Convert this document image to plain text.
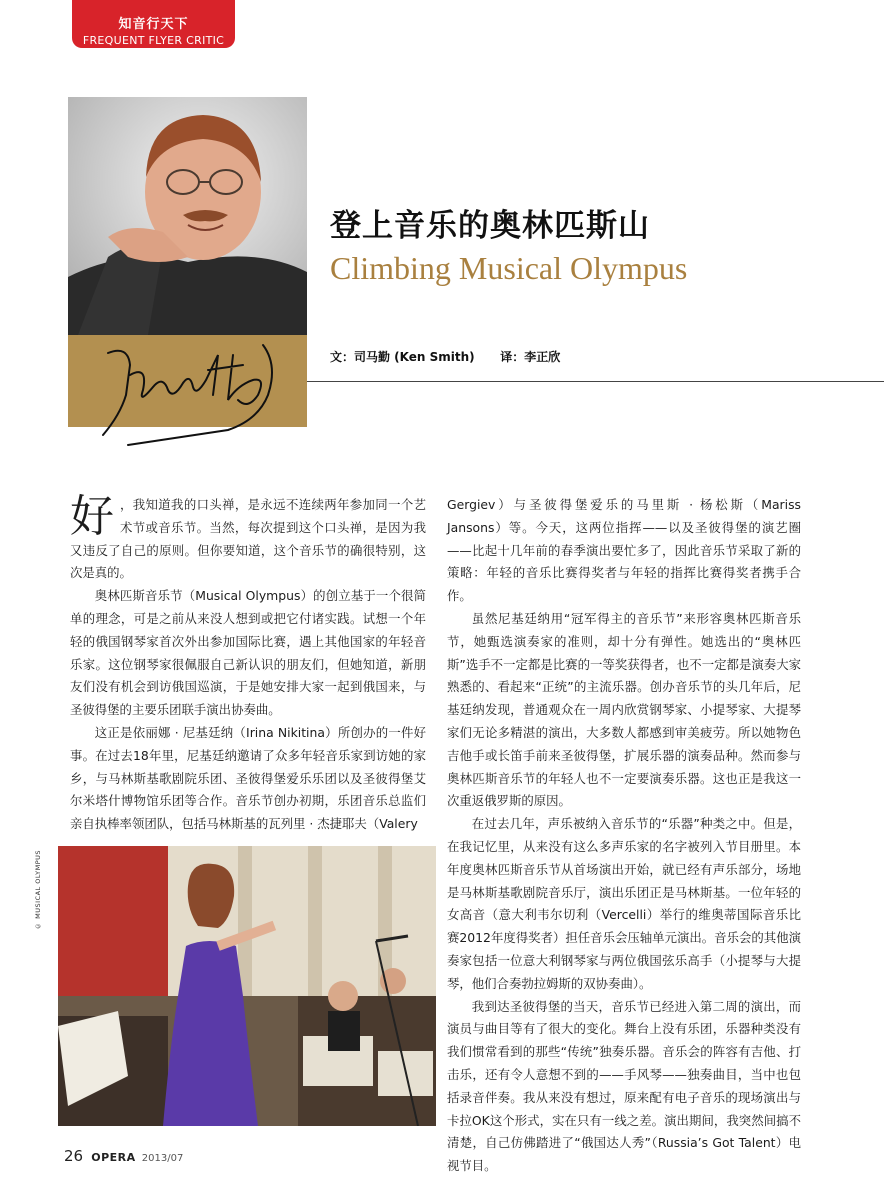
知音行天下
FREQUENT FLYER CRITIC
登上音乐的奥林匹斯山
Climbing Musical Olympus
文：司马勤 (Ken Smith) 译：李正欣

好 ，我知道我的口头禅，是永远不连续两年参加同一个艺术节或音乐节。当然，每次提到这个口头禅，是因为我又违反了自己的原则。但你要知道，这个音乐节的确很特别，这次是真的。

奥林匹斯音乐节（Musical Olympus）的创立基于一个很简单的理念，可是之前从来没人想到或把它付诸实践。试想一个年轻的俄国钢琴家首次外出参加国际比赛，遇上其他国家的年轻音乐家。这位钢琴家很佩服自己新认识的朋友们，但她知道，新朋友们没有机会到访俄国巡演，于是她安排大家一起到俄国来，与圣彼得堡的主要乐团联手演出协奏曲。

这正是依丽娜 · 尼基廷纳（Irina Nikitina）所创办的一件好事。在过去18年里，尼基廷纳邀请了众多年轻音乐家到访她的家乡，与马林斯基歌剧院乐团、圣彼得堡爱乐乐团以及圣彼得堡艾尔米塔什博物馆乐团等合作。音乐节创办初期，乐团音乐总监们亲自执棒率领团队，包括马林斯基的瓦列里 · 杰捷耶夫（Valery

Gergiev）与圣彼得堡爱乐的马里斯 · 杨松斯（Mariss Jansons）等。今天，这两位指挥——以及圣彼得堡的演艺圈——比起十几年前的春季演出要忙多了，因此音乐节采取了新的策略：年轻的音乐比赛得奖者与年轻的指挥比赛得奖者携手合作。

虽然尼基廷纳用“冠军得主的音乐节”来形容奥林匹斯音乐节，她甄选演奏家的准则，却十分有弹性。她选出的“奥林匹斯”选手不一定都是比赛的一等奖获得者，也不一定都是演奏大家熟悉的、看起来“正统”的主流乐器。创办音乐节的头几年后，尼基廷纳发现，普通观众在一周内欣赏钢琴家、小提琴家、大提琴家们无论多精湛的演出，大多数人都感到审美疲劳。所以她物色吉他手或长笛手前来圣彼得堡，扩展乐器的演奏品种。然而参与奥林匹斯音乐节的年轻人也不一定要演奏乐器。这也正是我这一次重返俄罗斯的原因。

在过去几年，声乐被纳入音乐节的“乐器”种类之中。但是，在我记忆里，从来没有这么多声乐家的名字被列入节目册里。本年度奥林匹斯音乐节从首场演出开始，就已经有声乐部分，场地是马林斯基歌剧院音乐厅，演出乐团正是马林斯基。一位年轻的女高音（意大利韦尔切利（Vercelli）举行的维奥蒂国际音乐比赛2012年度得奖者）担任音乐会压轴单元演出。音乐会的其他演奏家包括一位意大利钢琴家与两位俄国弦乐高手（小提琴与大提琴，他们合奏勃拉姆斯的双协奏曲）。

我到达圣彼得堡的当天，音乐节已经进入第二周的演出，而演员与曲目等有了很大的变化。舞台上没有乐团，乐器种类没有我们惯常看到的那些“传统”独奏乐器。音乐会的阵容有吉他、打击乐，还有令人意想不到的——手风琴——独奏曲目，当中也包括录音伴奏。我从来没有想过，原来配有电子音乐的现场演出与卡拉OK这个形式，实在只有一线之差。演出期间，我突然间搞不清楚，自己仿佛踏进了“俄国达人秀”（Russia’s Got Talent）电视节目。

© MUSICAL OLYMPUS
26 OPERA 2013/07
